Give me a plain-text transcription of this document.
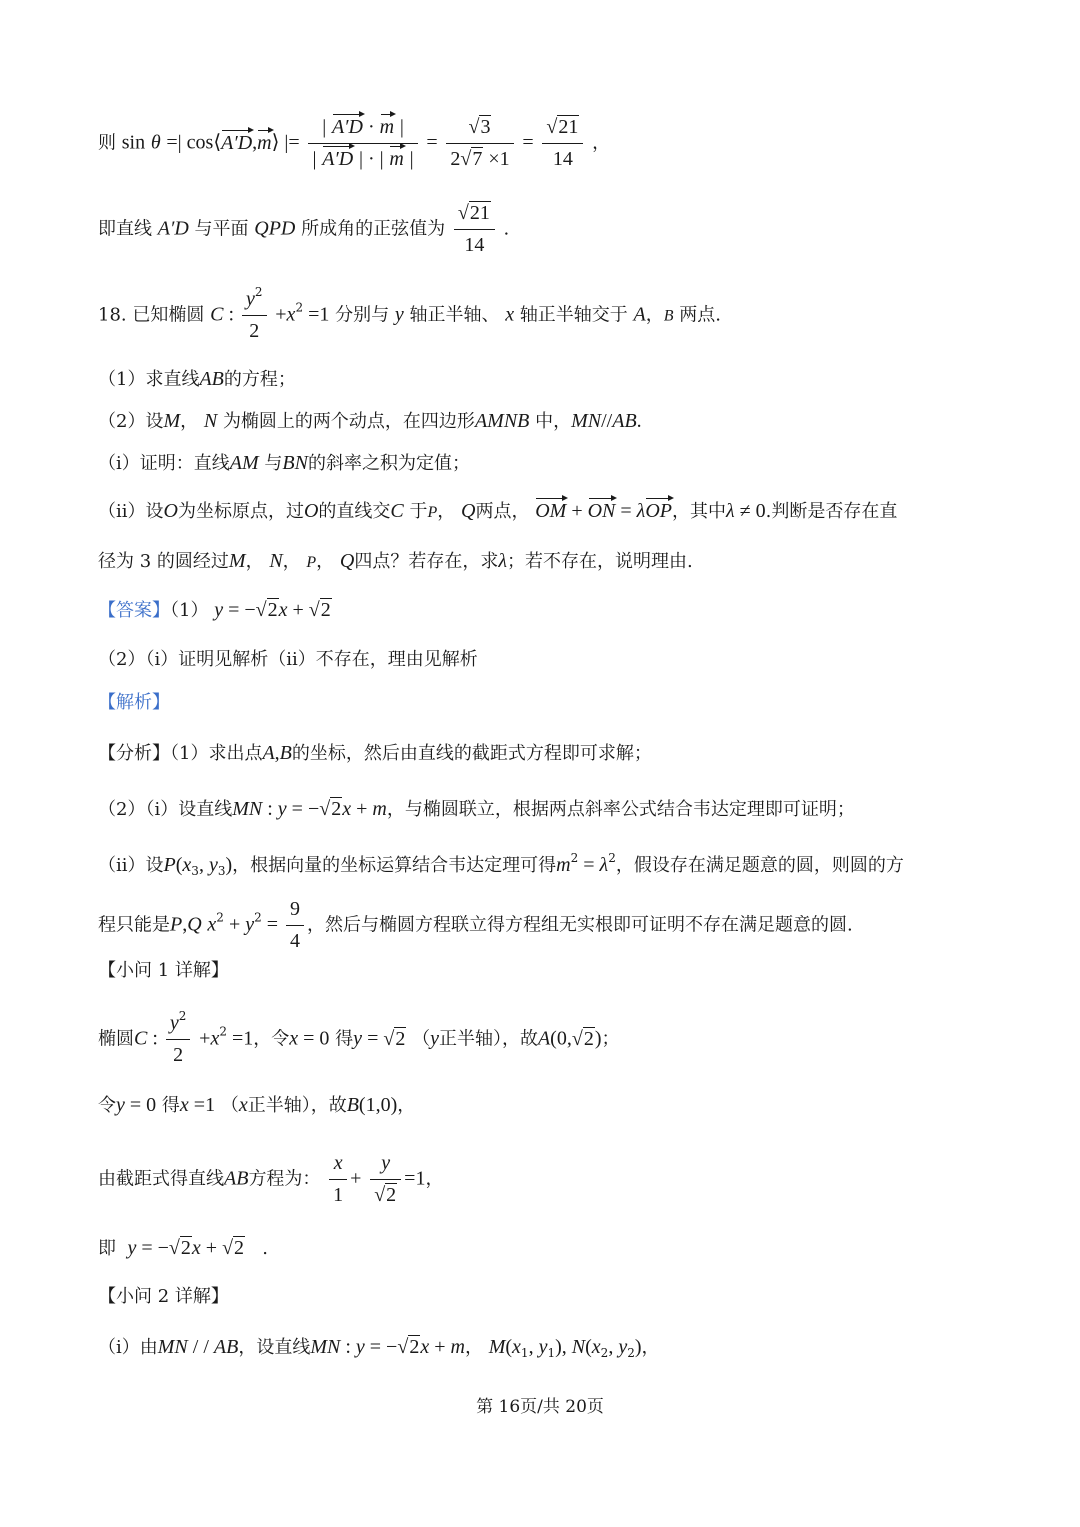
则 sin θ =| cos⟨A′D,m⟩ |= $\frac{| A'D \cdot m |}{| A'D | \cdot | m |} = \frac{√3}{2√7 \times 1} = \frac{√21}{14}$ ，
即直线 A′D 与平面 QPD 所成角的正弦值为 $\frac{√21}{14}$ .
18. 已知椭圆 C : $\frac{y^2}{2} +x^2 =1$ 分别与 y 轴正半轴、 x 轴正半轴交于 A，B 两点.
（1）求直线AB的方程；
（2）设M， N 为椭圆上的两个动点，在四边形AMNB 中，MN//AB.
（i）证明：直线AM 与BN的斜率之积为定值；
（ii）设O为坐标原点，过O的直线交C 于P， Q两点， OM + ON = λOP，其中λ ≠ 0.判断是否存在直
径为 3 的圆经过M， N， P， Q四点？若存在，求λ；若不存在，说明理由.
【答案】（1） y = −√2x + √2
（2）（i）证明见解析（ii）不存在，理由见解析
【解析】
【分析】（1）求出点A,B的坐标，然后由直线的截距式方程即可求解；
（2）（i）设直线MN : y = −√2x + m，与椭圆联立，根据两点斜率公式结合韦达定理即可证明；
（ii）设$P(x_3$, $y_3$)，根据向量的坐标运算结合韦达定理可得$m^2 = \lambda^2$，假设存在满足题意的圆，则圆的方
程只能是P,Q $x^2 + y^2 = \frac{9}{4}$ ，然后与椭圆方程联立得方程组无实根即可证明不存在满足题意的圆.
【小问 1 详解】
椭圆C : $\frac{y^2}{2} +x^2 =1$，令x = 0 得y = √2 （y正半轴），故A(0,√2)；
令y = 0 得x =1 （x正半轴），故B(1,0)，
由截距式得直线AB方程为： $\frac{x}{1} + \frac{y}{√2} =1$，
即 y = −√2x + √2 .
【小问 2 详解】
（i）由MN / / AB，设直线MN : y = −√2x + m， $M(x_1$, $y_1$), $N(x_2$, $y_2$)，
第 16页/共 20页
